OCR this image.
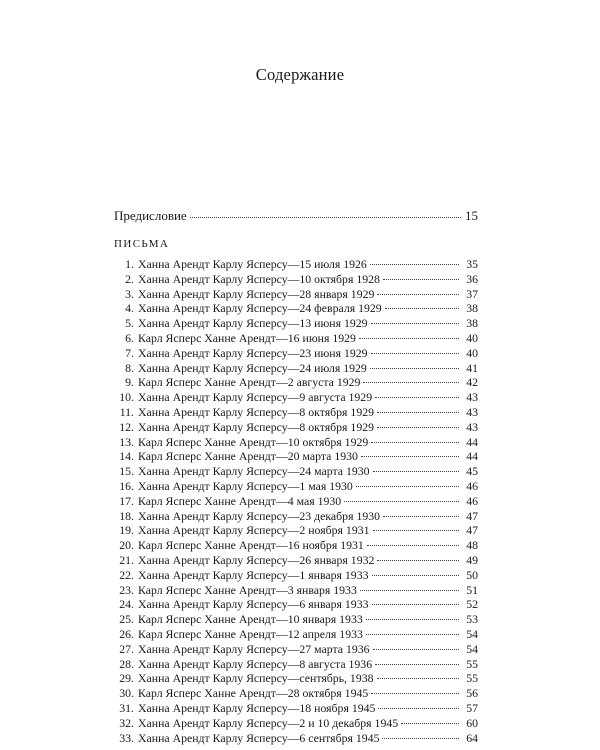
Содержание
Предисловие	15
ПИСЬМА
1. Ханна Арендт Карлу Ясперсу—15 июля 1926	35
2. Ханна Арендт Карлу Ясперсу—10 октября 1928	36
3. Ханна Арендт Карлу Ясперсу—28 января 1929	37
4. Ханна Арендт Карлу Ясперсу—24 февраля 1929	38
5. Ханна Арендт Карлу Ясперсу—13 июня 1929	38
6. Карл Ясперс Ханне Арендт—16 июня 1929	40
7. Ханна Арендт Карлу Ясперсу—23 июня 1929	40
8. Ханна Арендт Карлу Ясперсу—24 июля 1929	41
9. Карл Ясперс Ханне Арендт—2 августа 1929	42
10. Ханна Арендт Карлу Ясперсу—9 августа 1929	43
11. Ханна Арендт Карлу Ясперсу—8 октября 1929	43
12. Ханна Арендт Карлу Ясперсу—8 октября 1929	43
13. Карл Ясперс Ханне Арендт—10 октября 1929	44
14. Карл Ясперс Ханне Арендт—20 марта 1930	44
15. Ханна Арендт Карлу Ясперсу—24 марта 1930	45
16. Ханна Арендт Карлу Ясперсу—1 мая 1930	46
17. Карл Ясперс Ханне Арендт—4 мая 1930	46
18. Ханна Арендт Карлу Ясперсу—23 декабря 1930	47
19. Ханна Арендт Карлу Ясперсу—2 ноября 1931	47
20. Карл Ясперс Ханне Арендт—16 ноября 1931	48
21. Ханна Арендт Карлу Ясперсу—26 января 1932	49
22. Ханна Арендт Карлу Ясперсу—1 января 1933	50
23. Карл Ясперс Ханне Арендт—3 января 1933	51
24. Ханна Арендт Карлу Ясперсу—6 января 1933	52
25. Карл Ясперс Ханне Арендт—10 января 1933	53
26. Карл Ясперс Ханне Арендт—12 апреля 1933	54
27. Ханна Арендт Карлу Ясперсу—27 марта 1936	54
28. Ханна Арендт Карлу Ясперсу—8 августа 1936	55
29. Ханна Арендт Карлу Ясперсу—сентябрь, 1938	55
30. Карл Ясперс Ханне Арендт—28 октября 1945	56
31. Ханна Арендт Карлу Ясперсу—18 ноября 1945	57
32. Ханна Арендт Карлу Ясперсу—2 и 10 декабря 1945	60
33. Ханна Арендт Карлу Ясперсу—6 сентября 1945	64
